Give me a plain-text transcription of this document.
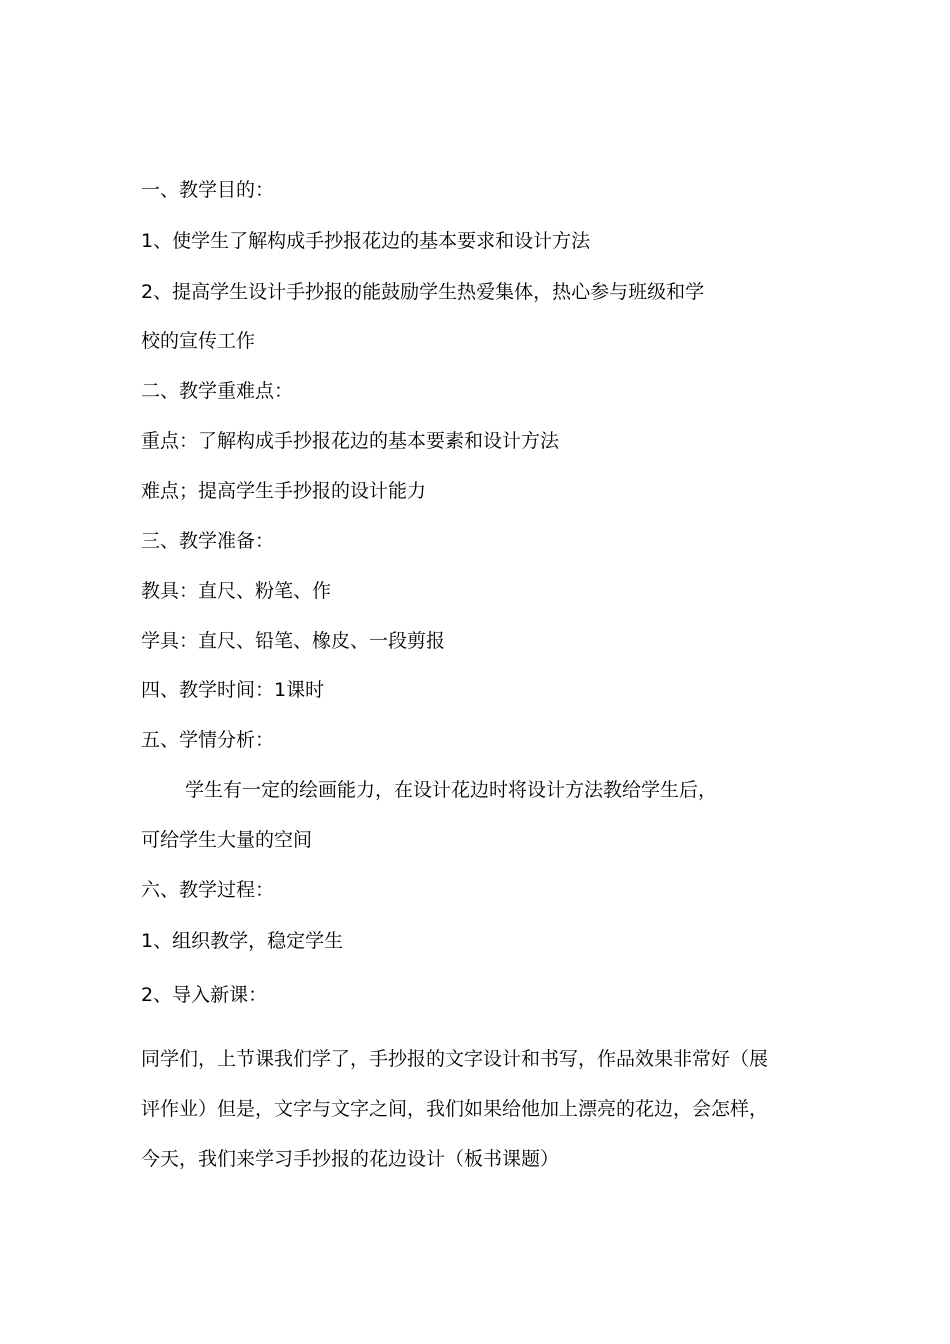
一、教学目的：

1、使学生了解构成手抄报花边的基本要求和设计方法

2、提高学生设计手抄报的能鼓励学生热爱集体，热心参与班级和学

校的宣传工作

二、教学重难点：

重点：了解构成手抄报花边的基本要素和设计方法

难点；提高学生手抄报的设计能力

三、教学准备：

教具：直尺、粉笔、作

学具：直尺、铅笔、橡皮、一段剪报

四、教学时间：1课时

五、学情分析：

学生有一定的绘画能力，在设计花边时将设计方法教给学生后，

可给学生大量的空间

六、教学过程：

1、组织教学，稳定学生

2、导入新课：

同学们，上节课我们学了，手抄报的文字设计和书写，作品效果非常好（展

评作业）但是，文字与文字之间，我们如果给他加上漂亮的花边，会怎样，

今天，我们来学习手抄报的花边设计（板书课题）
